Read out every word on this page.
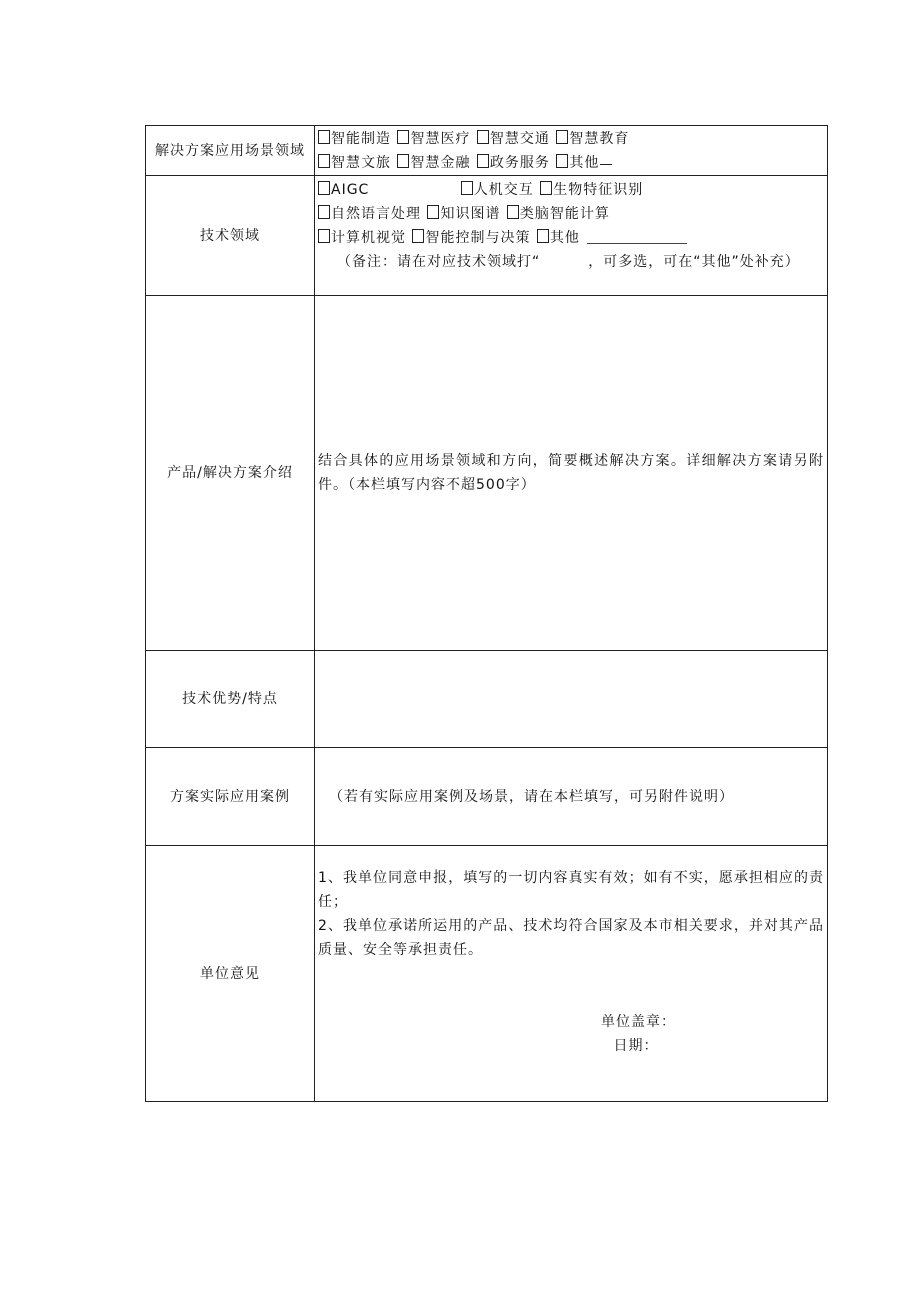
解决方案应用场景领域	智能制造 智慧医疗 智慧交通 智慧教育
智慧文旅 智慧金融 政务服务 其他

技术领域	AIGC 人机交互 生物特征识别
自然语言处理 知识图谱 类脑智能计算
计算机视觉 智能控制与决策 其他
（备注：请在对应技术领域打“ ，可多选，可在“其他”处补充）

产品/解决方案介绍	结合具体的应用场景领域和方向，简要概述解决方案。详细解决方案请另附件。（本栏填写内容不超500字）

技术优势/特点	
方案实际应用案例	（若有实际应用案例及场景，请在本栏填写，可另附件说明）

单位意见	1、我单位同意申报，填写的一切内容真实有效；如有不实，愿承担相应的责任；
2、我单位承诺所运用的产品、技术均符合国家及本市相关要求，并对其产品质量、安全等承担责任。
单位盖章：
日期：
